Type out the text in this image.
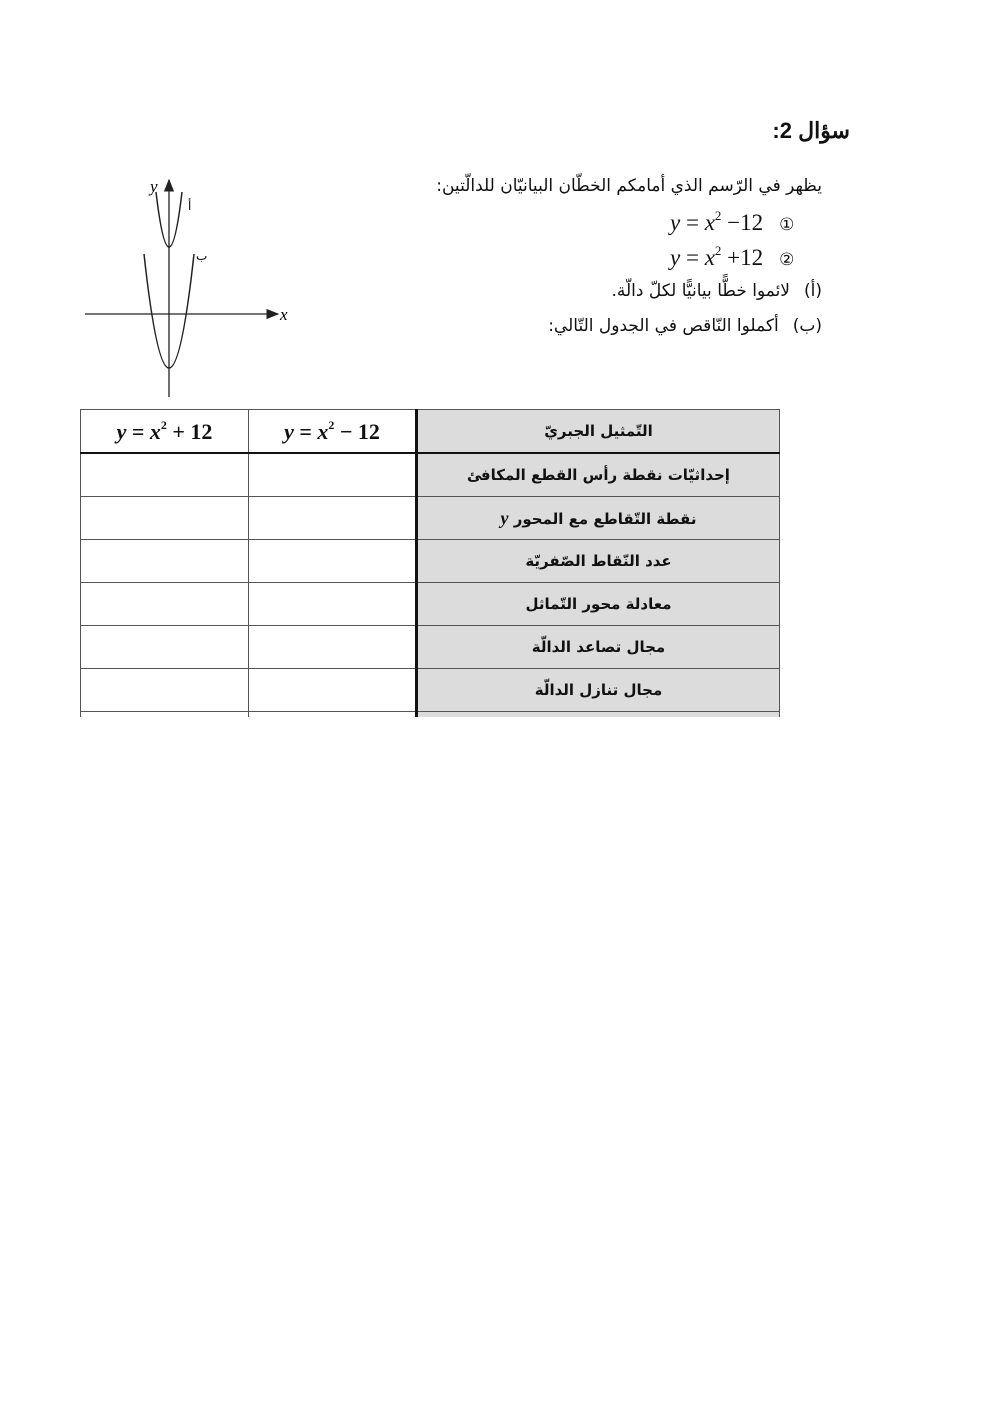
سؤال 2:
يظهر في الرّسم الذي أمامكم الخطّان البيانيّان للدالّتين:
$y = x^2 -12$ ①
$y = x^2 +12$ ②
(أ)لائموا خطًّا بيانيًّا لكلّ دالّة.
(ب)أكملوا النّاقص في الجدول التّالي:
x
y
أ
ب
$y = x^2 + 12$	$y = x^2 - 12$	التّمثيل الجبريّ
		إحداثيّات نقطة رأس القطع المكافئ
		نقطة التّقاطع مع المحور y
		عدد النّقاط الصّفريّة
		معادلة محور التّماثل
		مجال تصاعد الدالّة
		مجال تنازل الدالّة
